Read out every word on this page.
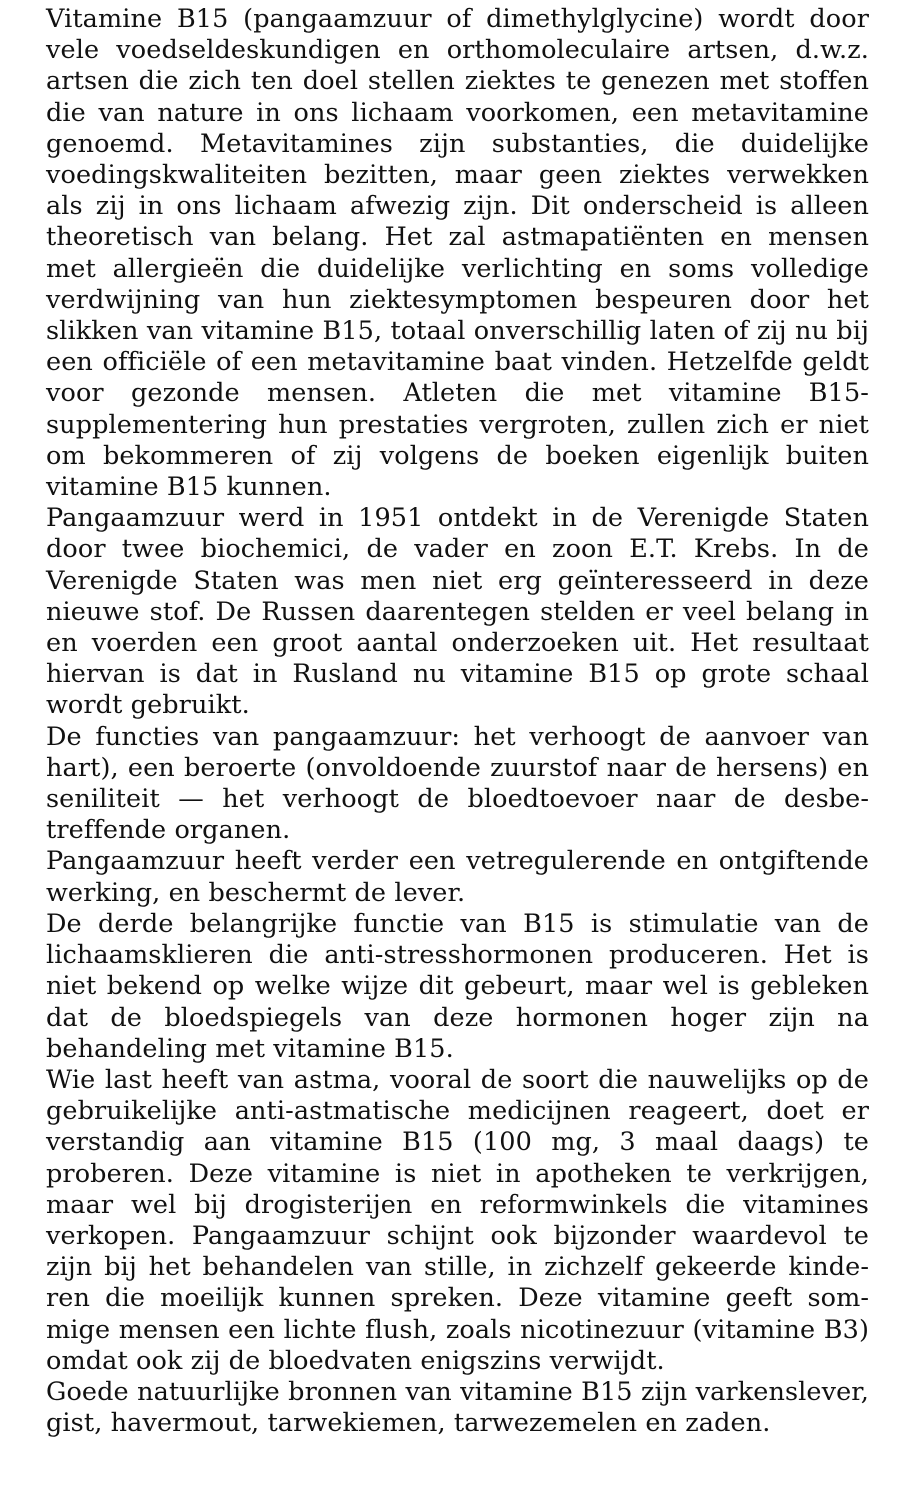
Vitamine B15 (pangaamzuur of dimethylglycine) wordt door vele voedseldeskundigen en orthomoleculaire artsen, d.w.z. artsen die zich ten doel stellen ziektes te genezen met stoffen die van nature in ons lichaam voorkomen, een metavitamine genoemd. Metavitamines zijn substanties, die duidelijke voedingskwaliteiten bezitten, maar geen ziektes verwekken als zij in ons lichaam afwezig zijn. Dit onderscheid is alleen theoretisch van belang. Het zal astmapatiënten en mensen met allergieën die duidelijke verlichting en soms volledige verdwijning van hun ziektesymptomen bespeuren door het slikken van vitamine B15, totaal onverschillig laten of zij nu bij een officiële of een metavitamine baat vinden. Hetzelfde geldt voor gezonde mensen. Atleten die met vitamine B15-supplementering hun prestaties vergroten, zullen zich er niet om bekommeren of zij volgens de boeken eigenlijk buiten vitamine B15 kunnen.

Pangaamzuur werd in 1951 ontdekt in de Verenigde Staten door twee biochemici, de vader en zoon E.T. Krebs. In de Verenigde Staten was men niet erg geïnteresseerd in deze nieuwe stof. De Russen daarentegen stelden er veel belang in en voerden een groot aantal onderzoeken uit. Het resultaat hiervan is dat in Rusland nu vitamine B15 op grote schaal wordt gebruikt.

De functies van pangaamzuur: het verhoogt de aanvoer van hart), een beroerte (onvoldoende zuurstof naar de hersens) en seniliteit — het verhoogt de bloedtoevoer naar de desbetreffende organen.

Pangaamzuur heeft verder een vetregulerende en ontgiftende werking, en beschermt de lever.

De derde belangrijke functie van B15 is stimulatie van de lichaamsklieren die anti-stresshormonen produceren. Het is niet bekend op welke wijze dit gebeurt, maar wel is gebleken dat de bloedspiegels van deze hormonen hoger zijn na behandeling met vitamine B15.

Wie last heeft van astma, vooral de soort die nauwelijks op de gebruikelijke anti-astmatische medicijnen reageert, doet er verstandig aan vitamine B15 (100 mg, 3 maal daags) te proberen. Deze vitamine is niet in apotheken te verkrijgen, maar wel bij drogisterijen en reformwinkels die vitamines verkopen. Pangaamzuur schijnt ook bijzonder waardevol te zijn bij het behandelen van stille, in zichzelf gekeerde kinderen die moeilijk kunnen spreken. Deze vitamine geeft sommige mensen een lichte flush, zoals nicotinezuur (vitamine B3) omdat ook zij de bloedvaten enigszins verwijdt.

Goede natuurlijke bronnen van vitamine B15 zijn varkenslever, gist, havermout, tarwekiemen, tarwezemelen en zaden.
